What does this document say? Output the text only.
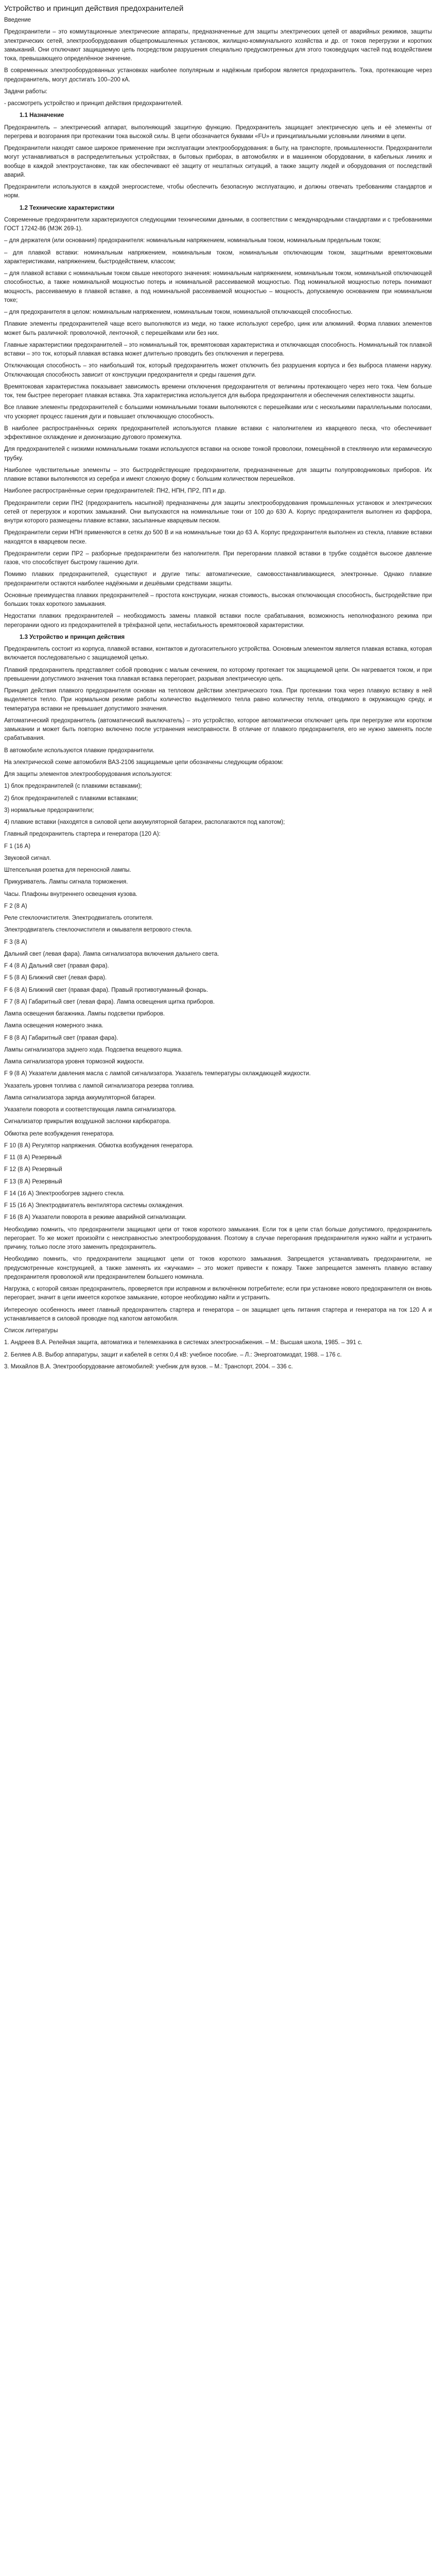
Устройство и принцип действия предохранителей

Введение

Предохранители – это коммутационные электрические аппараты, предназначенные для защиты электрических цепей от аварийных режимов, защиты электрических сетей, электрооборудования общепромышленных установок, жилищно-коммунального хозяйства и др. от токов перегрузки и коротких замыканий. Они отключают защищаемую цепь посредством разрушения специально предусмотренных для этого токоведущих частей под воздействием тока, превышающего определённое значение.

В современных электрооборудованных установках наиболее популярным и надёжным прибором является предохранитель. Тока, протекающие через предохранитель, могут достигать 100–200 кА.

Задачи работы:

- рассмотреть устройство и принцип действия предохранителей.

1.1 Назначение

Предохранитель – электрический аппарат, выполняющий защитную функцию. Предохранитель защищает электрическую цепь и её элементы от перегрева и возгорания при протекании тока высокой силы. В цепи обозначается буквами «FU» и принципиальными условными линиями в цепи.

Предохранители находят самое широкое применение при эксплуатации электрооборудования: в быту, на транспорте, промышленности. Предохранители могут устанавливаться в распределительных устройствах, в бытовых приборах, в автомобилях и в машинном оборудовании, в кабельных линиях и вообще в каждой электроустановке, так как обеспечивают её защиту от нештатных ситуаций, а также защиту людей и оборудования от последствий аварий.

Предохранители используются в каждой энергосистеме, чтобы обеспечить безопасную эксплуатацию, и должны отвечать требованиям стандартов и норм.

1.2 Технические характеристики

Современные предохранители характеризуются следующими техническими данными, в соответствии с международными стандартами и с требованиями ГОСТ 17242-86 (МЭК 269-1).

– для держателя (или основания) предохранителя: номинальным напряжением, номинальным током, номинальным предельным током;

– для плавкой вставки: номинальным напряжением, номинальным током, номинальным отключающим током, защитными времятоковыми характеристиками, напряжением, быстродействием, классом;

– для плавкой вставки с номинальным током свыше некоторого значения: номинальным напряжением, номинальным током, номинальной отключающей способностью, а также номинальной мощностью потерь и номинальной рассеиваемой мощностью. Под номинальной мощностью потерь понимают мощность, рассеиваемую в плавкой вставке, а под номинальной рассеиваемой мощностью – мощность, допускаемую основанием при номинальном токе;

– для предохранителя в целом: номинальным напряжением, номинальным током, номинальной отключающей способностью.

Плавкие элементы предохранителей чаще всего выполняются из меди, но также используют серебро, цинк или алюминий. Форма плавких элементов может быть различной: проволочной, ленточной, с перешейками или без них.

Главные характеристики предохранителей – это номинальный ток, времятоковая характеристика и отключающая способность. Номинальный ток плавкой вставки – это ток, который плавкая вставка может длительно проводить без отключения и перегрева.

Отключающая способность – это наибольший ток, который предохранитель может отключить без разрушения корпуса и без выброса пламени наружу. Отключающая способность зависит от конструкции предохранителя и среды гашения дуги.

Времятоковая характеристика показывает зависимость времени отключения предохранителя от величины протекающего через него тока. Чем больше ток, тем быстрее перегорает плавкая вставка. Эта характеристика используется для выбора предохранителя и обеспечения селективности защиты.

Все плавкие элементы предохранителей с большими номинальными токами выполняются с перешейками или с несколькими параллельными полосами, что ускоряет процесс гашения дуги и повышает отключающую способность.

В наиболее распространённых сериях предохранителей используются плавкие вставки с наполнителем из кварцевого песка, что обеспечивает эффективное охлаждение и деионизацию дугового промежутка.

Для предохранителей с низкими номинальными токами используются вставки на основе тонкой проволоки, помещённой в стеклянную или керамическую трубку.

Наиболее чувствительные элементы – это быстродействующие предохранители, предназначенные для защиты полупроводниковых приборов. Их плавкие вставки выполняются из серебра и имеют сложную форму с большим количеством перешейков.

Наиболее распространённые серии предохранителей: ПН2, НПН, ПР2, ПП и др.

Предохранители серии ПН2 (предохранитель насыпной) предназначены для защиты электрооборудования промышленных установок и электрических сетей от перегрузок и коротких замыканий. Они выпускаются на номинальные токи от 100 до 630 А. Корпус предохранителя выполнен из фарфора, внутри которого размещены плавкие вставки, засыпанные кварцевым песком.

Предохранители серии НПН применяются в сетях до 500 В и на номинальные токи до 63 А. Корпус предохранителя выполнен из стекла, плавкие вставки находятся в кварцевом песке.

Предохранители серии ПР2 – разборные предохранители без наполнителя. При перегорании плавкой вставки в трубке создаётся высокое давление газов, что способствует быстрому гашению дуги.

Помимо плавких предохранителей, существуют и другие типы: автоматические, самовосстанавливающиеся, электронные. Однако плавкие предохранители остаются наиболее надёжными и дешёвыми средствами защиты.

Основные преимущества плавких предохранителей – простота конструкции, низкая стоимость, высокая отключающая способность, быстродействие при больших токах короткого замыкания.

Недостатки плавких предохранителей – необходимость замены плавкой вставки после срабатывания, возможность неполнофазного режима при перегорании одного из предохранителей в трёхфазной цепи, нестабильность времятоковой характеристики.

1.3 Устройство и принцип действия

Предохранитель состоит из корпуса, плавкой вставки, контактов и дугогасительного устройства. Основным элементом является плавкая вставка, которая включается последовательно с защищаемой цепью.

Плавкий предохранитель представляет собой проводник с малым сечением, по которому протекает ток защищаемой цепи. Он нагревается током, и при превышении допустимого значения тока плавкая вставка перегорает, разрывая электрическую цепь.

Принцип действия плавкого предохранителя основан на тепловом действии электрического тока. При протекании тока через плавкую вставку в ней выделяется тепло. При нормальном режиме работы количество выделяемого тепла равно количеству тепла, отводимого в окружающую среду, и температура вставки не превышает допустимого значения.

Автоматический предохранитель (автоматический выключатель) – это устройство, которое автоматически отключает цепь при перегрузке или коротком замыкании и может быть повторно включено после устранения неисправности. В отличие от плавкого предохранителя, его не нужно заменять после срабатывания.

В автомобиле используются плавкие предохранители.

На электрической схеме автомобиля ВАЗ-2106 защищаемые цепи обозначены следующим образом:

Для защиты элементов электрооборудования используются:

1) блок предохранителей (с плавкими вставками);

2) блок предохранителей с плавкими вставками;

3) нормальные предохранители;

4) плавкие вставки (находятся в силовой цепи аккумуляторной батареи, располагаются под капотом);

Главный предохранитель стартера и генератора (120 А):

F 1 (16 А)

Звуковой сигнал.

Штепсельная розетка для переносной лампы.

Прикуриватель. Лампы сигнала торможения.

Часы. Плафоны внутреннего освещения кузова.

F 2 (8 А)

Реле стеклоочистителя. Электродвигатель отопителя.

Электродвигатель стеклоочистителя и омывателя ветрового стекла.

F 3 (8 А)

Дальний свет (левая фара). Лампа сигнализатора включения дальнего света.

F 4 (8 А) Дальний свет (правая фара).

F 5 (8 А) Ближний свет (левая фара).

F 6 (8 А) Ближний свет (правая фара). Правый противотуманный фонарь.

F 7 (8 А) Габаритный свет (левая фара). Лампа освещения щитка приборов.

Лампа освещения багажника. Лампы подсветки приборов.

Лампа освещения номерного знака.

F 8 (8 А) Габаритный свет (правая фара).

Лампы сигнализатора заднего хода. Подсветка вещевого ящика.

Лампа сигнализатора уровня тормозной жидкости.

F 9 (8 А) Указатели давления масла с лампой сигнализатора. Указатель температуры охлаждающей жидкости.

Указатель уровня топлива с лампой сигнализатора резерва топлива.

Лампа сигнализатора заряда аккумуляторной батареи.

Указатели поворота и соответствующая лампа сигнализатора.

Сигнализатор прикрытия воздушной заслонки карбюратора.

Обмотка реле возбуждения генератора.

F 10 (8 А) Регулятор напряжения. Обмотка возбуждения генератора.

F 11 (8 А) Резервный

F 12 (8 А) Резервный

F 13 (8 А) Резервный

F 14 (16 А) Электрообогрев заднего стекла.

F 15 (16 А) Электродвигатель вентилятора системы охлаждения.

F 16 (8 А) Указатели поворота в режиме аварийной сигнализации.

Необходимо помнить, что предохранители защищают цепи от токов короткого замыкания. Если ток в цепи стал больше допустимого, предохранитель перегорает. То же может произойти с неисправностью электрооборудования. Поэтому в случае перегорания предохранителя нужно найти и устранить причину, только после этого заменить предохранитель.

Необходимо помнить, что предохранители защищают цепи от токов короткого замыкания. Запрещается устанавливать предохранители, не предусмотренные конструкцией, а также заменять их «жучками» – это может привести к пожару. Также запрещается заменять плавкую вставку предохранителя проволокой или предохранителем большего номинала.

Нагрузка, с которой связан предохранитель, проверяется при исправном и включённом потребителе; если при установке нового предохранителя он вновь перегорает, значит в цепи имеется короткое замыкание, которое необходимо найти и устранить.

Интересную особенность имеет главный предохранитель стартера и генератора – он защищает цепь питания стартера и генератора на ток 120 А и устанавливается в силовой проводке под капотом автомобиля.

Список литературы

1. Андреев В.А. Релейная защита, автоматика и телемеханика в системах электроснабжения. – М.: Высшая школа, 1985. – 391 с.

2. Беляев А.В. Выбор аппаратуры, защит и кабелей в сетях 0,4 кВ: учебное пособие. – Л.: Энергоатомиздат, 1988. – 176 с.

3. Михайлов В.А. Электрооборудование автомобилей: учебник для вузов. – М.: Транспорт, 2004. – 336 с.
